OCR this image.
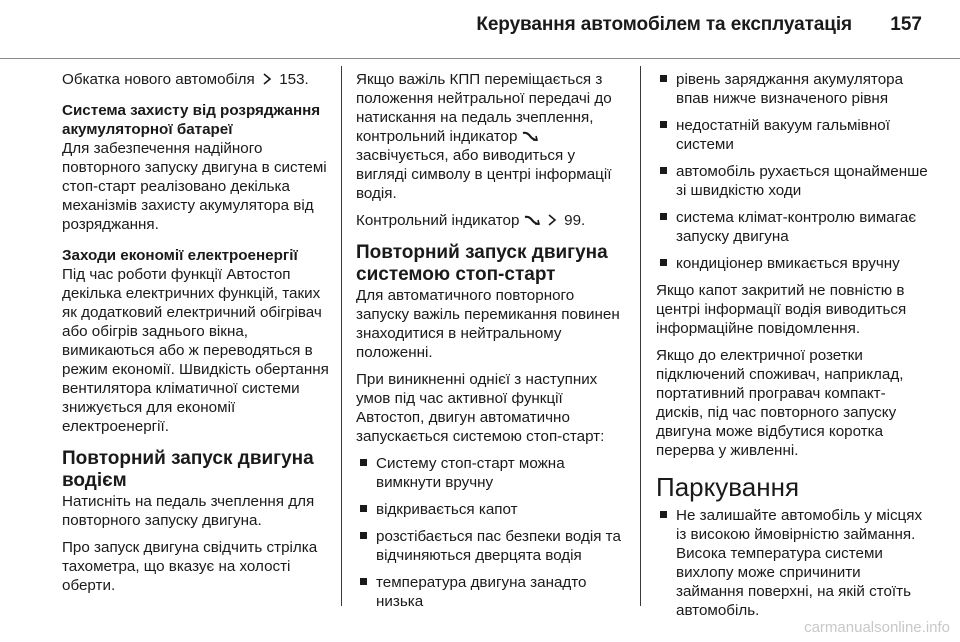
Керування автомобілем та експлуатація 157

Обкатка нового автомобіля 153.

Система захисту від розряджання акумуляторної батареї

Для забезпечення надійного повторного запуску двигуна в системі стоп-старт реалізовано декілька механізмів захисту акумулятора від розряджання.

Заходи економії електроенергії

Під час роботи функції Автостоп декілька електричних функцій, таких як додатковий електричний обігрівач або обігрів заднього вікна, вимикаються або ж переводяться в режим економії. Швидкість обертання вентилятора кліматичної системи знижується для економії електроенергії.

Повторний запуск двигуна водієм

Натисніть на педаль зчеплення для повторного запуску двигуна.

Про запуск двигуна свідчить стрілка тахометра, що вказує на холості оберти.

Якщо важіль КПП переміщається з положення нейтральної передачі до натискання на педаль зчеплення, контрольний індикатор  засвічується, або виводиться у вигляді символу в центрі інформації водія.

Контрольний індикатор	99.

Повторний запуск двигуна системою стоп-старт

Для автоматичного повторного запуску важіль перемикання повинен знаходитися в нейтральному положенні.

При виникненні однієї з наступних умов під час активної функції Автостоп, двигун автоматично запускається системою стоп-старт:

Систему стоп-старт можна вимкнути вручну
відкривається капот
розстібається пас безпеки водія та відчиняються дверцята водія
температура двигуна занадто низька
рівень заряджання акумулятора впав нижче визначеного рівня
недостатній вакуум гальмівної системи
автомобіль рухається щонайменше зі швидкістю ходи
система клімат-контролю вимагає запуску двигуна
кондиціонер вмикається вручну

Якщо капот закритий не повністю в центрі інформації водія виводиться інформаційне повідомлення.

Якщо до електричної розетки підключений споживач, наприклад, портативний програвач компакт-дисків, під час повторного запуску двигуна може відбутися коротка перерва у живленні.

Паркування
Не залишайте автомобіль у місцях із високою ймовірністю займання. Висока температура системи вихлопу може спричинити займання поверхні, на якій стоїть автомобіль.
carmanualsonline.info
